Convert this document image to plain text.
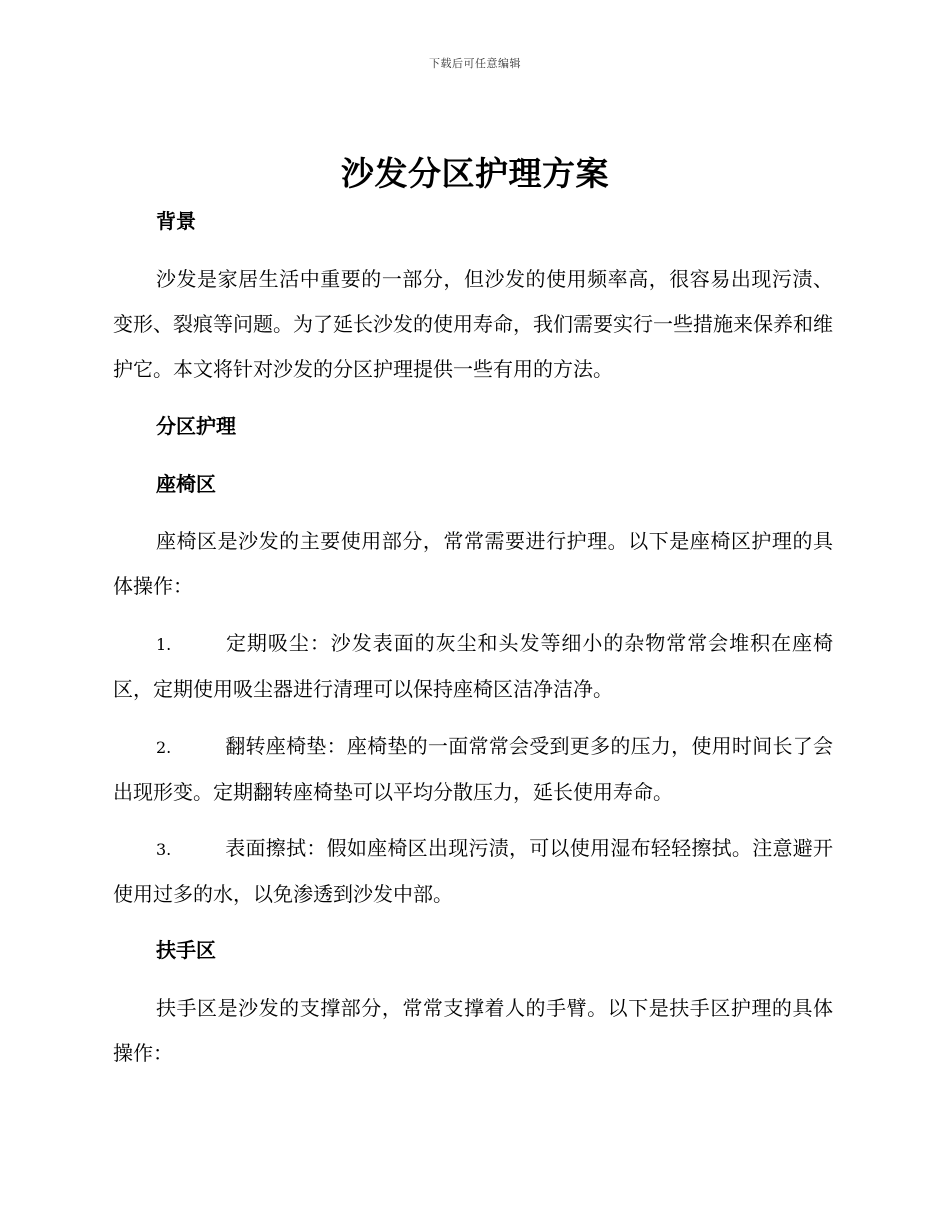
下载后可任意编辑
沙发分区护理方案
背景
沙发是家居生活中重要的一部分，但沙发的使用频率高，很容易出现污渍、变形、裂痕等问题。为了延长沙发的使用寿命，我们需要实行一些措施来保养和维护它。本文将针对沙发的分区护理提供一些有用的方法。
分区护理
座椅区
座椅区是沙发的主要使用部分，常常需要进行护理。以下是座椅区护理的具体操作：
1.	定期吸尘：沙发表面的灰尘和头发等细小的杂物常常会堆积在座椅区，定期使用吸尘器进行清理可以保持座椅区洁净洁净。
2.	翻转座椅垫：座椅垫的一面常常会受到更多的压力，使用时间长了会出现形变。定期翻转座椅垫可以平均分散压力，延长使用寿命。
3.	表面擦拭：假如座椅区出现污渍，可以使用湿布轻轻擦拭。注意避开使用过多的水，以免渗透到沙发中部。
扶手区
扶手区是沙发的支撑部分，常常支撑着人的手臂。以下是扶手区护理的具体操作：
